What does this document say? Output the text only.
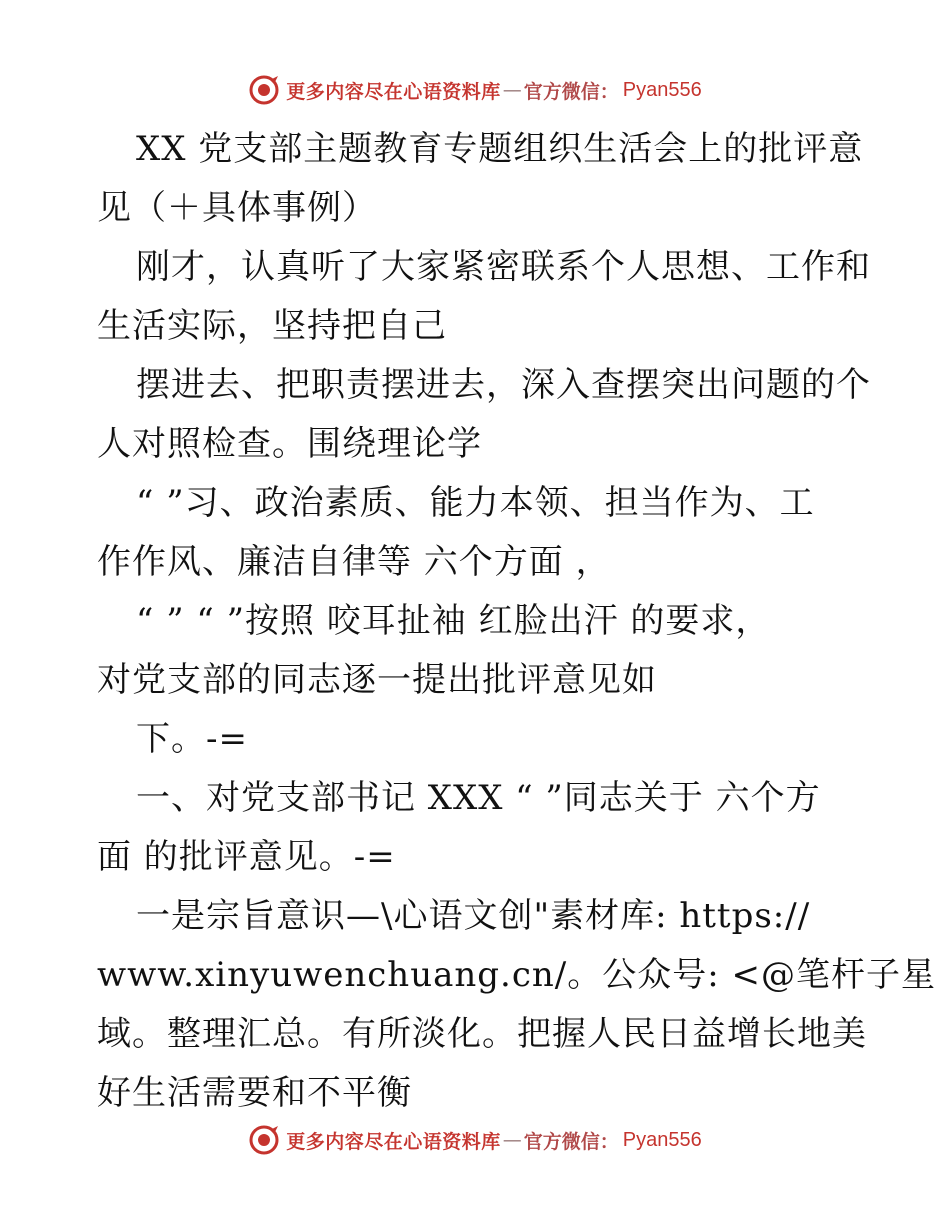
更多内容尽在心语资料库 — 官方微信： Pyan556
XX 党支部主题教育专题组织生活会上的批评意
见（＋具体事例）
刚才，认真听了大家紧密联系个人思想、工作和
生活实际，坚持把自己
摆进去、把职责摆进去，深入查摆突出问题的个
人对照检查。围绕理论学
“ ”习、政治素质、能力本领、担当作为、工
作作风、廉洁自律等 六个方面 ，
“ ” “ ”按照 咬耳扯袖 红脸出汗 的要求，
对党支部的同志逐一提出批评意见如
下。-=
一、对党支部书记 XXX “ ”同志关于 六个方
面 的批评意见。-=
一是宗旨意识—\心语文创"素材库: https://
www.xinyuwenchuang.cn/。公众号: <@笔杆子星
域。整理汇总。有所淡化。把握人民日益增长地美
好生活需要和不平衡
更多内容尽在心语资料库 — 官方微信： Pyan556
